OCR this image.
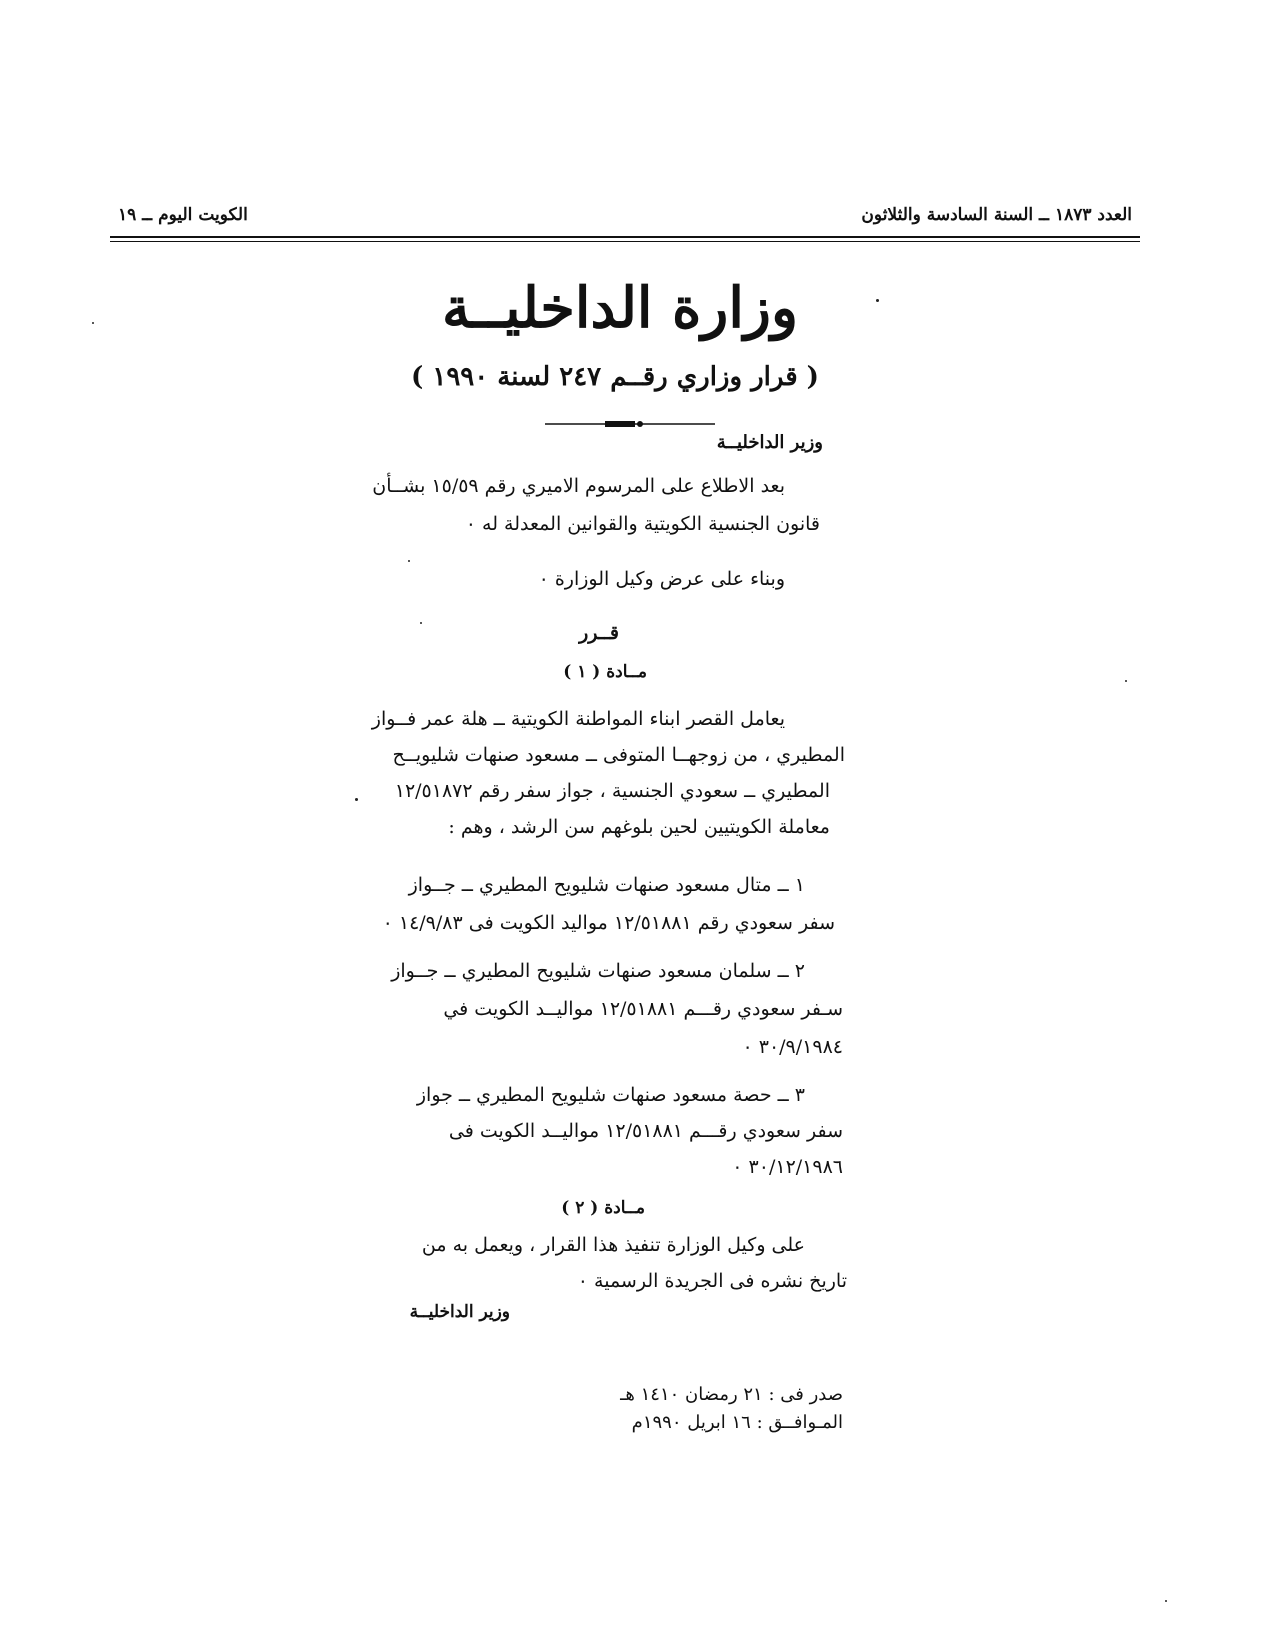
الكويت اليوم ــ ١٩	العدد ١٨٧٣ ــ السنة السادسة والثلاثون
وزارة الداخليــة
( قرار وزاري رقــم ٢٤٧ لسنة ١٩٩٠ )
وزير الداخليــة
بعد الاطلاع على المرسوم الاميري رقم ١٥/٥٩ بشــأن
قانون الجنسية الكويتية والقوانين المعدلة له ٠
وبناء على عرض وكيل الوزارة ٠
قــرر
مــادة ( ١ )
يعامل القصر ابناء المواطنة الكويتية ــ هلة عمر فــواز
المطيري ، من زوجهــا المتوفى ــ مسعود صنهات شليويــح
المطيري ــ سعودي الجنسية ، جواز سفر رقم ١٢/٥١٨٧٢
معاملة الكويتيين لحين بلوغهم سن الرشد ، وهم :
١ ــ متال مسعود صنهات شليويح المطيري ــ جــواز
سفر سعودي رقم ١٢/٥١٨٨١ مواليد الكويت فى ١٤/٩/٨٣ ٠
٢ ــ سلمان مسعود صنهات شليويح المطيري ــ جــواز
سـفر سعودي رقـــم ١٢/٥١٨٨١ مواليــد الكويت في
٣٠/٩/١٩٨٤ ٠
٣ ــ حصة مسعود صنهات شليويح المطيري ــ جواز
سفر سعودي رقـــم ١٢/٥١٨٨١ مواليــد الكويت فى
٣٠/١٢/١٩٨٦ ٠
مــادة ( ٢ )
على وكيل الوزارة تنفيذ هذا القرار ، ويعمل به من
تاريخ نشره فى الجريدة الرسمية ٠
وزير الداخليــة
صدر فى : ٢١ رمضان ١٤١٠ هـ
المـوافــق : ١٦ ابريل ١٩٩٠م
